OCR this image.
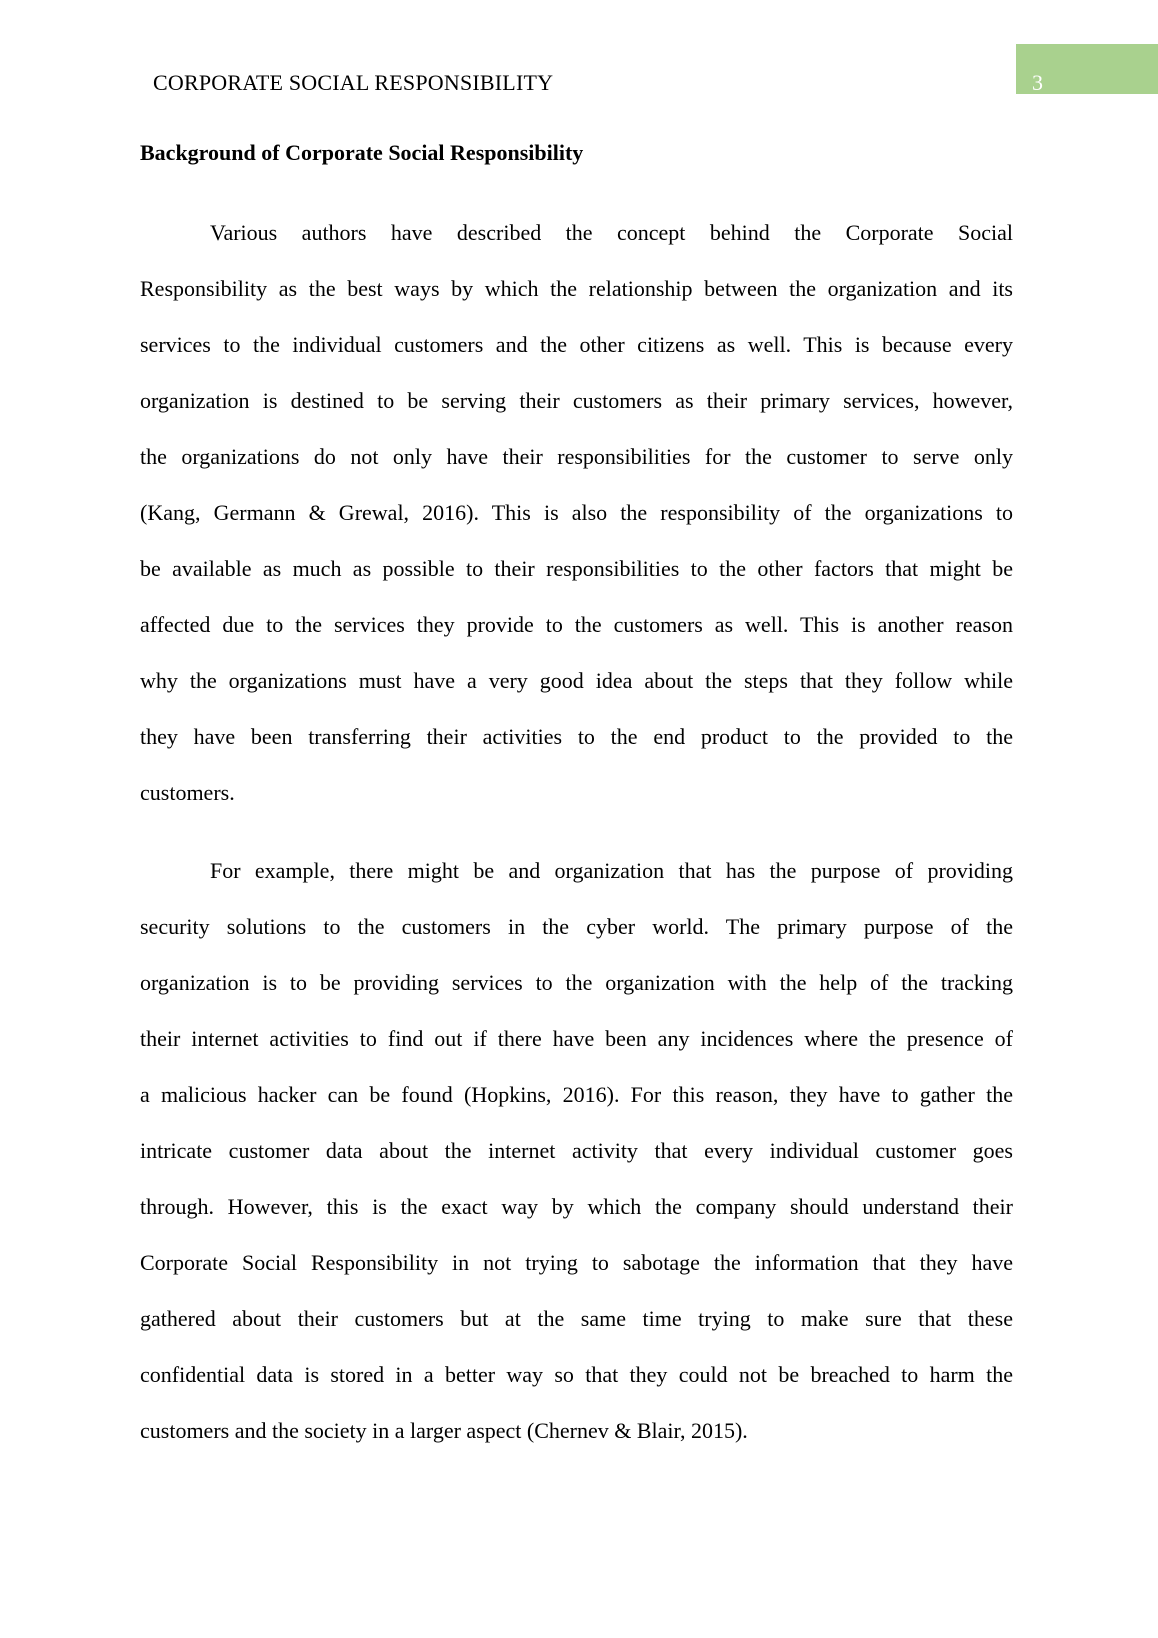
CORPORATE SOCIAL RESPONSIBILITY	3
Background of Corporate Social Responsibility
Various authors have described the concept behind the Corporate Social
Responsibility as the best ways by which the relationship between the organization and its
services to the individual customers and the other citizens as well. This is because every
organization is destined to be serving their customers as their primary services, however,
the organizations do not only have their responsibilities for the customer to serve only
(Kang, Germann & Grewal, 2016). This is also the responsibility of the organizations to
be available as much as possible to their responsibilities to the other factors that might be
affected due to the services they provide to the customers as well. This is another reason
why the organizations must have a very good idea about the steps that they follow while
they have been transferring their activities to the end product to the provided to the
customers.
For example, there might be and organization that has the purpose of providing
security solutions to the customers in the cyber world. The primary purpose of the
organization is to be providing services to the organization with the help of the tracking
their internet activities to find out if there have been any incidences where the presence of
a malicious hacker can be found (Hopkins, 2016). For this reason, they have to gather the
intricate customer data about the internet activity that every individual customer goes
through. However, this is the exact way by which the company should understand their
Corporate Social Responsibility in not trying to sabotage the information that they have
gathered about their customers but at the same time trying to make sure that these
confidential data is stored in a better way so that they could not be breached to harm the
customers and the society in a larger aspect (Chernev & Blair, 2015).
